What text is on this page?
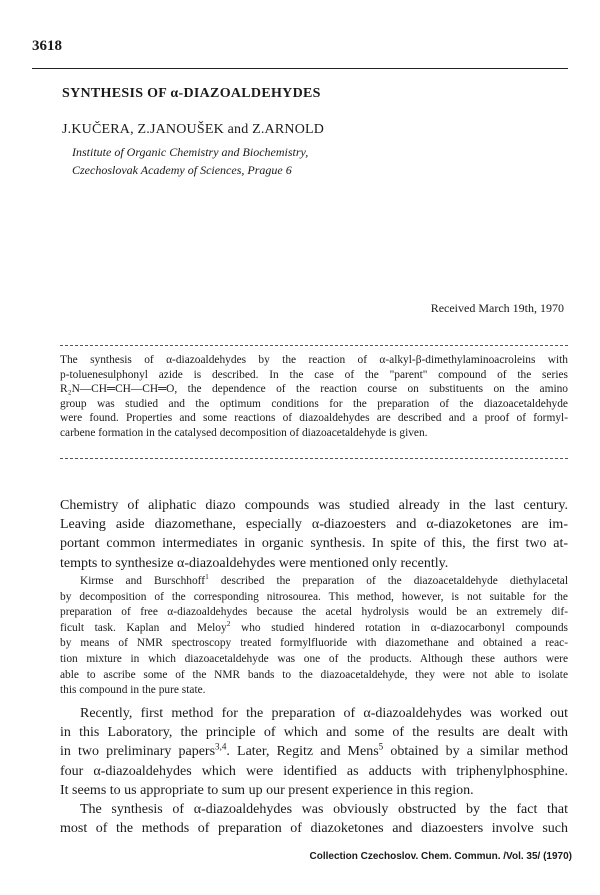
3618
SYNTHESIS OF α-DIAZOALDEHYDES
J.KUČERA, Z.JANOUŠEK and Z.ARNOLD
Institute of Organic Chemistry and Biochemistry,
Czechoslovak Academy of Sciences, Prague 6
Received March 19th, 1970
The synthesis of α-diazoaldehydes by the reaction of α-alkyl-β-dimethylaminoacroleins with
p-toluenesulphonyl azide is described. In the case of the "parent" compound of the series
R₂N—CH═CH—CH═O, the dependence of the reaction course on substituents on the amino
group was studied and the optimum conditions for the preparation of the diazoacetaldehyde
were found. Properties and some reactions of diazoaldehydes are described and a proof of formyl-
carbene formation in the catalysed decomposition of diazoacetaldehyde is given.
Chemistry of aliphatic diazo compounds was studied already in the last century.
Leaving aside diazomethane, especially α-diazoesters and α-diazoketones are im-
portant common intermediates in organic synthesis. In spite of this, the first two at-
tempts to synthesize α-diazoaldehydes were mentioned only recently.
Kirmse and Burschhoff$^1$ described the preparation of the diazoacetaldehyde diethylacetal
by decomposition of the corresponding nitrosourea. This method, however, is not suitable for the
preparation of free α-diazoaldehydes because the acetal hydrolysis would be an extremely dif-
ficult task. Kaplan and Meloy$^2$ who studied hindered rotation in α-diazocarbonyl compounds
by means of NMR spectroscopy treated formylfluoride with diazomethane and obtained a reac-
tion mixture in which diazoacetaldehyde was one of the products. Although these authors were
able to ascribe some of the NMR bands to the diazoacetaldehyde, they were not able to isolate
this compound in the pure state.
Recently, first method for the preparation of α-diazoaldehydes was worked out
in this Laboratory, the principle of which and some of the results are dealt with
in two preliminary papers$^{3,4}$. Later, Regitz and Mens$^5$ obtained by a similar method
four α-diazoaldehydes which were identified as adducts with triphenylphosphine.
It seems to us appropriate to sum up our present experience in this region.
The synthesis of α-diazoaldehydes was obviously obstructed by the fact that
most of the methods of preparation of diazoketones and diazoesters involve such
Collection Czechoslov. Chem. Commun. /Vol. 35/ (1970)
